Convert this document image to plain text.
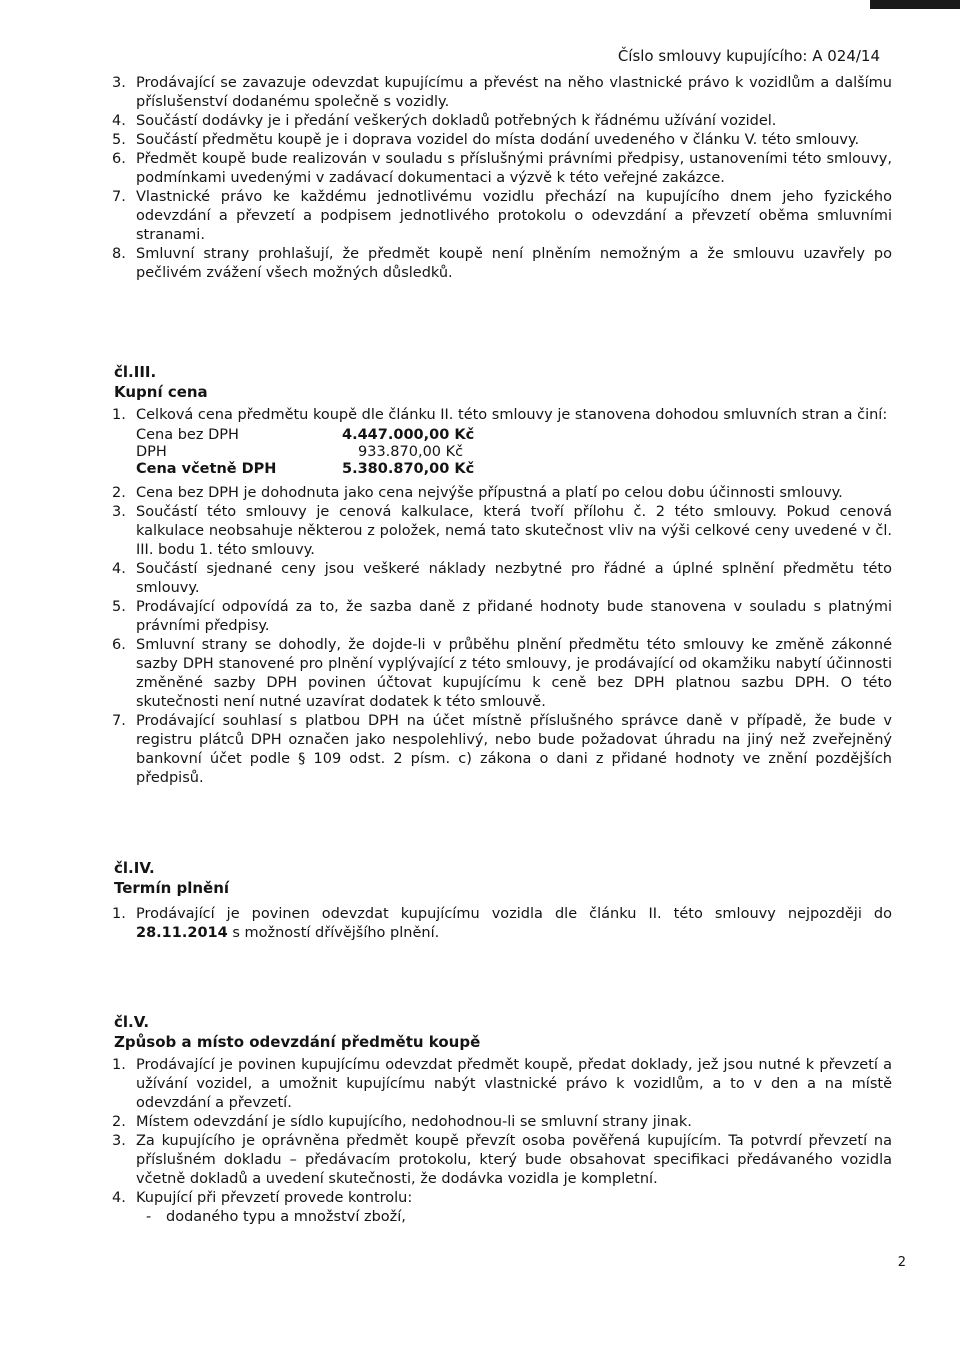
Číslo smlouvy kupujícího: A 024/14
3. Prodávající se zavazuje odevzdat kupujícímu a převést na něho vlastnické právo k vozidlům a dalšímu příslušenství dodanému společně s vozidly.
4. Součástí dodávky je i předání veškerých dokladů potřebných k řádnému užívání vozidel.
5. Součástí předmětu koupě je i doprava vozidel do místa dodání uvedeného v článku V. této smlouvy.
6. Předmět koupě bude realizován v souladu s příslušnými právními předpisy, ustanoveními této smlouvy, podmínkami uvedenými v zadávací dokumentaci a výzvě k této veřejné zakázce.
7. Vlastnické právo ke každému jednotlivému vozidlu přechází na kupujícího dnem jeho fyzického odevzdání a převzetí a podpisem jednotlivého protokolu o odevzdání a převzetí oběma smluvními stranami.
8. Smluvní strany prohlašují, že předmět koupě není plněním nemožným a že smlouvu uzavřely po pečlivém zvážení všech možných důsledků.
čl.III.
Kupní cena
1. Celková cena předmětu koupě dle článku II. této smlouvy je stanovena dohodou smluvních stran a činí:
Cena bez DPH	4.447.000,00 Kč
DPH	933.870,00 Kč
Cena včetně DPH	5.380.870,00 Kč
2. Cena bez DPH je dohodnuta jako cena nejvýše přípustná a platí po celou dobu účinnosti smlouvy.
3. Součástí této smlouvy je cenová kalkulace, která tvoří přílohu č. 2 této smlouvy. Pokud cenová kalkulace neobsahuje některou z položek, nemá tato skutečnost vliv na výši celkové ceny uvedené v čl. III. bodu 1. této smlouvy.
4. Součástí sjednané ceny jsou veškeré náklady nezbytné pro řádné a úplné splnění předmětu této smlouvy.
5. Prodávající odpovídá za to, že sazba daně z přidané hodnoty bude stanovena v souladu s platnými právními předpisy.
6. Smluvní strany se dohodly, že dojde-li v průběhu plnění předmětu této smlouvy ke změně zákonné sazby DPH stanovené pro plnění vyplývající z této smlouvy, je prodávající od okamžiku nabytí účinnosti změněné sazby DPH povinen účtovat kupujícímu k ceně bez DPH platnou sazbu DPH. O této skutečnosti není nutné uzavírat dodatek k této smlouvě.
7. Prodávající souhlasí s platbou DPH na účet místně příslušného správce daně v případě, že bude v registru plátců DPH označen jako nespolehlivý, nebo bude požadovat úhradu na jiný než zveřejněný bankovní účet podle § 109 odst. 2 písm. c) zákona o dani z přidané hodnoty ve znění pozdějších předpisů.
čl.IV.
Termín plnění
1. Prodávající je povinen odevzdat kupujícímu vozidla dle článku II. této smlouvy nejpozději do 28.11.2014 s možností dřívějšího plnění.
čl.V.
Způsob a místo odevzdání předmětu koupě
1. Prodávající je povinen kupujícímu odevzdat předmět koupě, předat doklady, jež jsou nutné k převzetí a užívání vozidel, a umožnit kupujícímu nabýt vlastnické právo k vozidlům, a to v den a na místě odevzdání a převzetí.
2. Místem odevzdání je sídlo kupujícího, nedohodnou-li se smluvní strany jinak.
3. Za kupujícího je oprávněna předmět koupě převzít osoba pověřená kupujícím. Ta potvrdí převzetí na příslušném dokladu – předávacím protokolu, který bude obsahovat specifikaci předávaného vozidla včetně dokladů a uvedení skutečnosti, že dodávka vozidla je kompletní.
4. Kupující při převzetí provede kontrolu:
-	dodaného typu a množství zboží,
2
